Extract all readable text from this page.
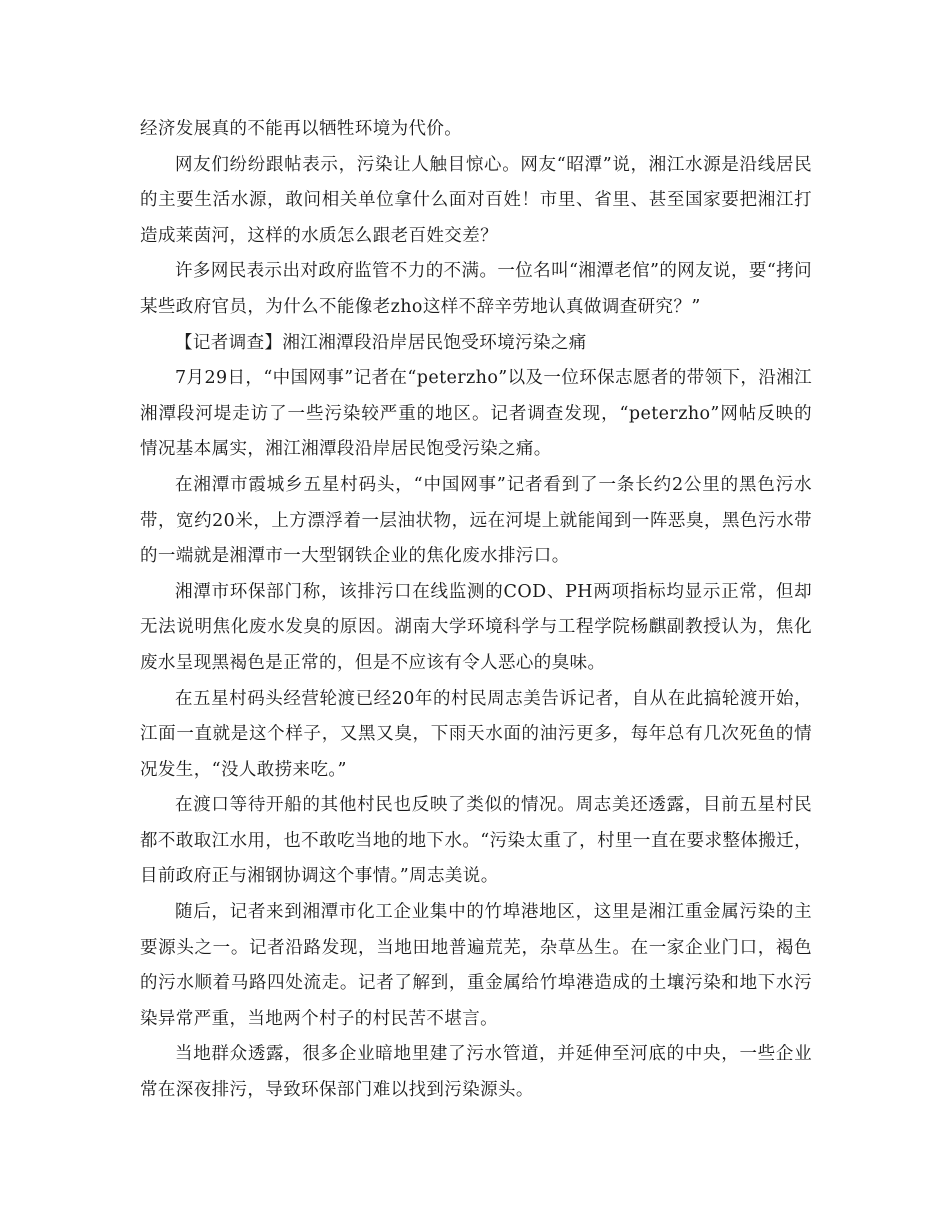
经济发展真的不能再以牺牲环境为代价。

网友们纷纷跟帖表示，污染让人触目惊心。网友“昭潭”说，湘江水源是沿线居民的主要生活水源，敢问相关单位拿什么面对百姓！市里、省里、甚至国家要把湘江打造成莱茵河，这样的水质怎么跟老百姓交差？

许多网民表示出对政府监管不力的不满。一位名叫“湘潭老倌”的网友说，要“拷问某些政府官员，为什么不能像老zho这样不辞辛劳地认真做调查研究？”

【记者调查】湘江湘潭段沿岸居民饱受环境污染之痛

7月29日，“中国网事”记者在“peterzho”以及一位环保志愿者的带领下，沿湘江湘潭段河堤走访了一些污染较严重的地区。记者调查发现，“peterzho”网帖反映的情况基本属实，湘江湘潭段沿岸居民饱受污染之痛。

在湘潭市霞城乡五星村码头，“中国网事”记者看到了一条长约2公里的黑色污水带，宽约20米，上方漂浮着一层油状物，远在河堤上就能闻到一阵恶臭，黑色污水带的一端就是湘潭市一大型钢铁企业的焦化废水排污口。

湘潭市环保部门称，该排污口在线监测的COD、PH两项指标均显示正常，但却无法说明焦化废水发臭的原因。湖南大学环境科学与工程学院杨麒副教授认为，焦化废水呈现黑褐色是正常的，但是不应该有令人恶心的臭味。

在五星村码头经营轮渡已经20年的村民周志美告诉记者，自从在此搞轮渡开始，江面一直就是这个样子，又黑又臭，下雨天水面的油污更多，每年总有几次死鱼的情况发生，“没人敢捞来吃。”

在渡口等待开船的其他村民也反映了类似的情况。周志美还透露，目前五星村民都不敢取江水用，也不敢吃当地的地下水。“污染太重了，村里一直在要求整体搬迁，目前政府正与湘钢协调这个事情。”周志美说。

随后，记者来到湘潭市化工企业集中的竹埠港地区，这里是湘江重金属污染的主要源头之一。记者沿路发现，当地田地普遍荒芜，杂草丛生。在一家企业门口，褐色的污水顺着马路四处流走。记者了解到，重金属给竹埠港造成的土壤污染和地下水污染异常严重，当地两个村子的村民苦不堪言。

当地群众透露，很多企业暗地里建了污水管道，并延伸至河底的中央，一些企业常在深夜排污，导致环保部门难以找到污染源头。
